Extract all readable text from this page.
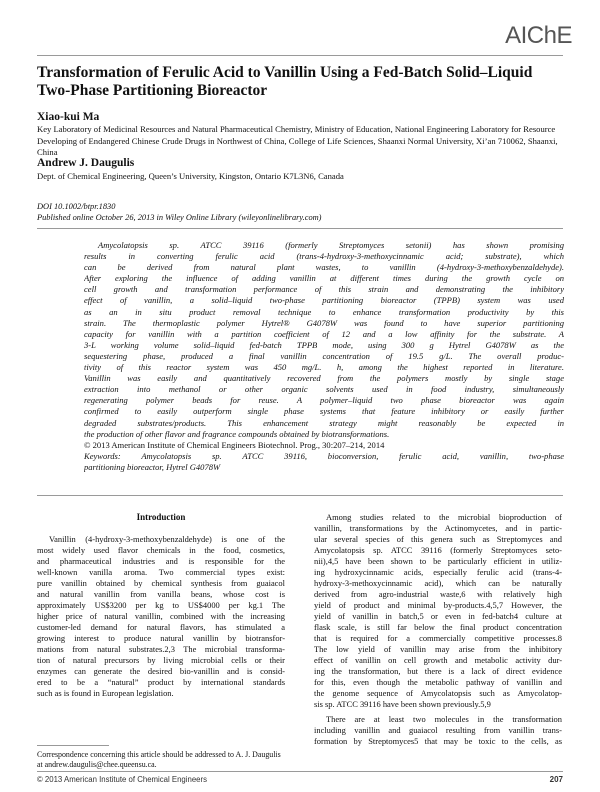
AIChE
Transformation of Ferulic Acid to Vanillin Using a Fed-Batch Solid–Liquid Two-Phase Partitioning Bioreactor
Xiao-kui Ma
Key Laboratory of Medicinal Resources and Natural Pharmaceutical Chemistry, Ministry of Education, National Engineering Laboratory for Resource Developing of Endangered Chinese Crude Drugs in Northwest of China, College of Life Sciences, Shaanxi Normal University, Xi’an 710062, Shaanxi, China
Andrew J. Daugulis
Dept. of Chemical Engineering, Queen’s University, Kingston, Ontario K7L3N6, Canada
DOI 10.1002/btpr.1830
Published online October 26, 2013 in Wiley Online Library (wileyonlinelibrary.com)
Amycolatopsis sp. ATCC 39116 (formerly Streptomyces setonii) has shown promising
results in converting ferulic acid (trans-4-hydroxy-3-methoxycinnamic acid; substrate), which
can be derived from natural plant wastes, to vanillin (4-hydroxy-3-methoxybenzaldehyde).
After exploring the influence of adding vanillin at different times during the growth cycle on
cell growth and transformation performance of this strain and demonstrating the inhibitory
effect of vanillin, a solid–liquid two-phase partitioning bioreactor (TPPB) system was used
as an in situ product removal technique to enhance transformation productivity by this
strain. The thermoplastic polymer Hytrel® G4078W was found to have superior partitioning
capacity for vanillin with a partition coefficient of 12 and a low affinity for the substrate. A
3-L working volume solid–liquid fed-batch TPPB mode, using 300 g Hytrel G4078W as the
sequestering phase, produced a final vanillin concentration of 19.5 g/L. The overall produc-
tivity of this reactor system was 450 mg/L. h, among the highest reported in literature.
Vanillin was easily and quantitatively recovered from the polymers mostly by single stage
extraction into methanol or other organic solvents used in food industry, simultaneously
regenerating polymer beads for reuse. A polymer–liquid two phase bioreactor was again
confirmed to easily outperform single phase systems that feature inhibitory or easily further
degraded substrates/products. This enhancement strategy might reasonably be expected in
the production of other flavor and fragrance compounds obtained by biotransformations.
© 2013 American Institute of Chemical Engineers Biotechnol. Prog., 30:207–214, 2014
Keywords: Amycolatopsis sp. ATCC 39116, bioconversion, ferulic acid, vanillin, two-phase
partitioning bioreactor, Hytrel G4078W
Introduction
Vanillin (4-hydroxy-3-methoxybenzaldehyde) is one of the
most widely used flavor chemicals in the food, cosmetics,
and pharmaceutical industries and is responsible for the
well-known vanilla aroma. Two commercial types exist:
pure vanillin obtained by chemical synthesis from guaiacol
and natural vanillin from vanilla beans, whose cost is
approximately US$3200 per kg to US$4000 per kg.1 The
higher price of natural vanillin, combined with the increasing
customer-led demand for natural flavors, has stimulated a
growing interest to produce natural vanillin by biotransfor-
mations from natural substrates.2,3 The microbial transforma-
tion of natural precursors by living microbial cells or their
enzymes can generate the desired bio-vanillin and is consid-
ered to be a “natural” product by international standards
such as is found in European legislation.
Among studies related to the microbial bioproduction of
vanillin, transformations by the Actinomycetes, and in partic-
ular several species of this genera such as Streptomyces and
Amycolatopsis sp. ATCC 39116 (formerly Streptomyces seto-
nii),4,5 have been shown to be particularly efficient in utiliz-
ing hydroxycinnamic acids, especially ferulic acid (trans-4-
hydroxy-3-methoxycinnamic acid), which can be naturally
derived from agro-industrial waste,6 with relatively high
yield of product and minimal by-products.4,5,7 However, the
yield of vanillin in batch,5 or even in fed-batch4 culture at
flask scale, is still far below the final product concentration
that is required for a commercially competitive processes.8
The low yield of vanillin may arise from the inhibitory
effect of vanillin on cell growth and metabolic activity dur-
ing the transformation, but there is a lack of direct evidence
for this, even though the metabolic pathway of vanillin and
the genome sequence of Amycolatopsis such as Amycolatop-
sis sp. ATCC 39116 have been shown previously.5,9
There are at least two molecules in the transformation
including vanillin and guaiacol resulting from vanillin trans-
formation by Streptomyces5 that may be toxic to the cells, as
Correspondence concerning this article should be addressed to A. J. Daugulis at andrew.daugulis@chee.queensu.ca.
© 2013 American Institute of Chemical Engineers	207
